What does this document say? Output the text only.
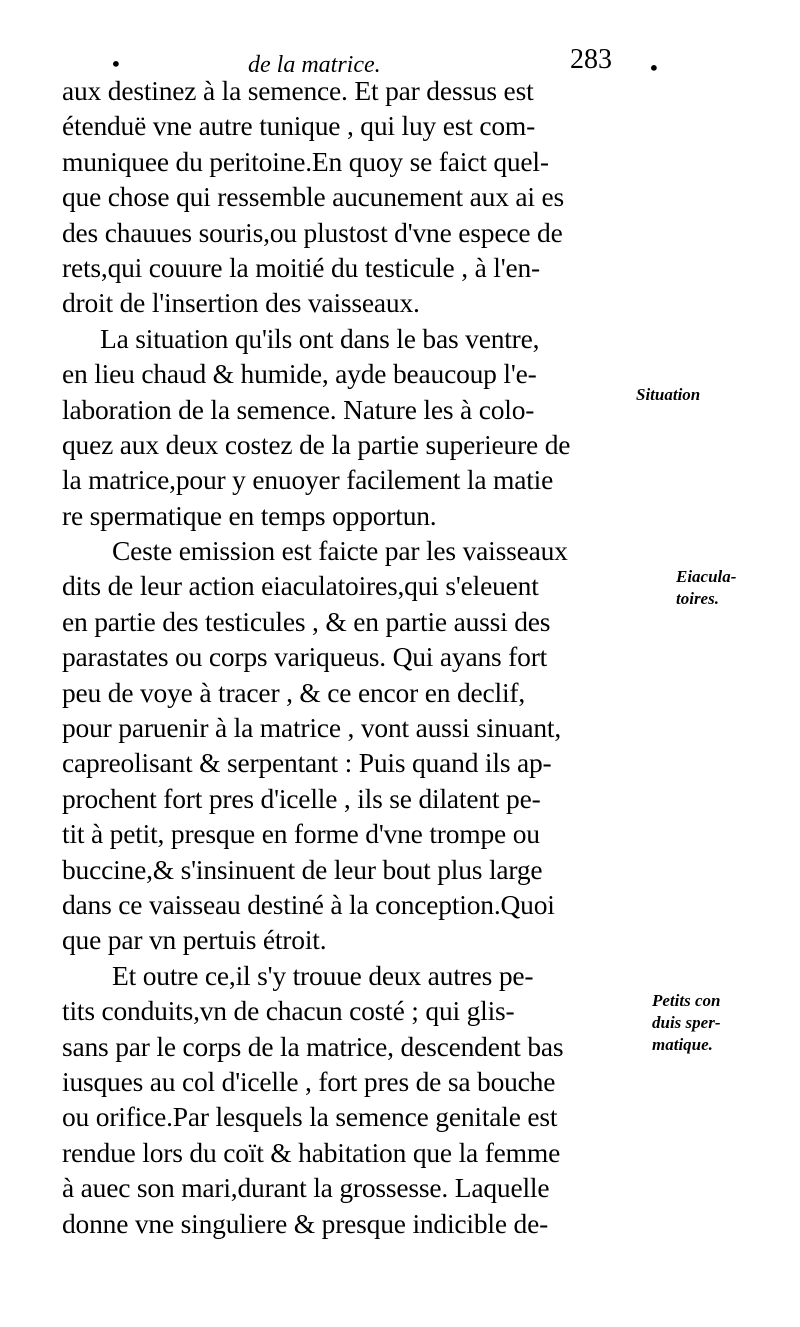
•	de la matrice.	283 •
aux destinez à la semence. Et par dessus est
étenduë vne autre tunique , qui luy est com-
muniquee du peritoine.En quoy se faict quel-
que chose qui ressemble aucunement aux ai es
des chauues souris,ou plustost d'vne espece de
rets,qui couure la moitié du testicule , à l'en-
droit de l'insertion des vaisseaux.
La situation qu'ils ont dans le bas ventre,
en lieu chaud & humide, ayde beaucoup l'e-
laboration de la semence. Nature les à colo-
quez aux deux costez de la partie superieure de
la matrice,pour y enuoyer facilement la matie
re spermatique en temps opportun.
Ceste emission est faicte par les vaisseaux
dits de leur action eiaculatoires,qui s'eleuent
en partie des testicules , & en partie aussi des
parastates ou corps variqueus. Qui ayans fort
peu de voye à tracer , & ce encor en declif,
pour paruenir à la matrice , vont aussi sinuant,
capreolisant & serpentant : Puis quand ils ap-
prochent fort pres d'icelle , ils se dilatent pe-
tit à petit, presque en forme d'vne trompe ou
buccine,& s'insinuent de leur bout plus large
dans ce vaisseau destiné à la conception.Quoi
que par vn pertuis étroit.
Et outre ce,il s'y trouue deux autres pe-
tits conduits,vn de chacun costé ; qui glis-
sans par le corps de la matrice, descendent bas
iusques au col d'icelle , fort pres de sa bouche
ou orifice.Par lesquels la semence genitale est
rendue lors du coït & habitation que la femme
à auec son mari,durant la grossesse. Laquelle
donne vne singuliere & presque indicible de-
Situation
Eiacula-
toires.
Petits con
duis sper-
matique.
